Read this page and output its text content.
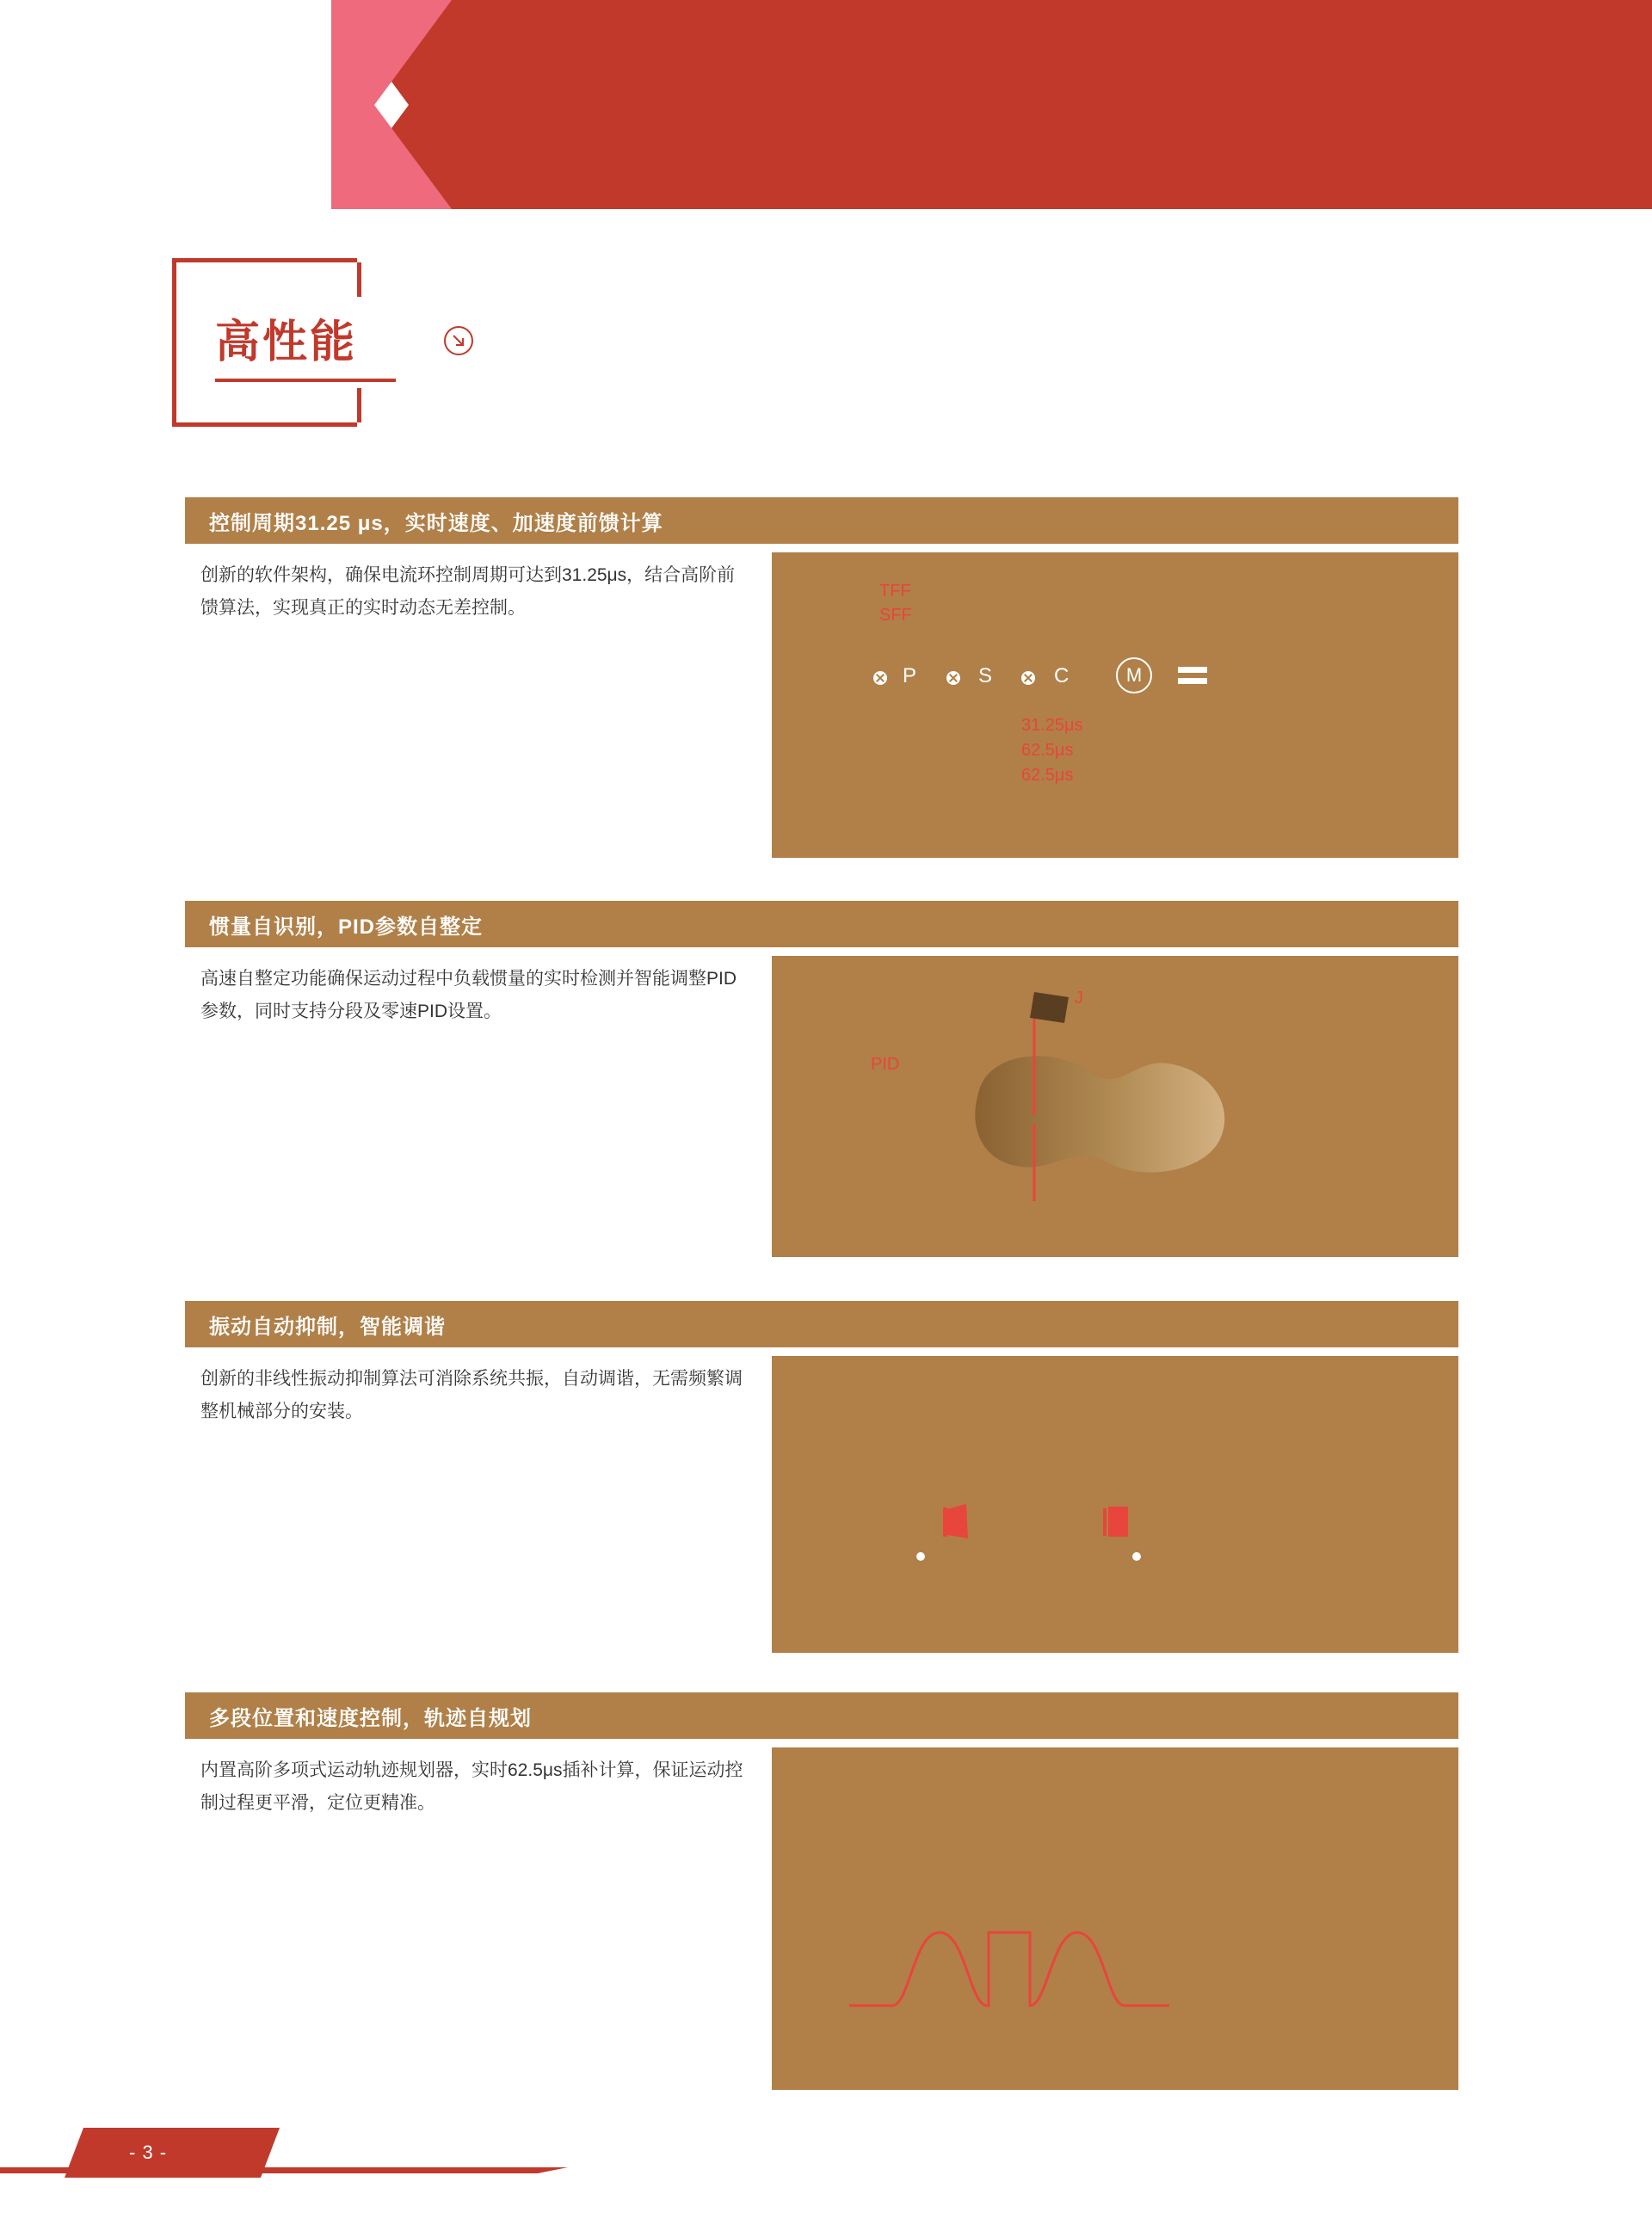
高性能
控制周期31.25 μs，实时速度、加速度前馈计算
创新的软件架构，确保电流环控制周期可达到31.25μs，结合高阶前馈算法，实现真正的实时动态无差控制。
TFF
SFF
P	S	C	M
31.25μs
62.5μs
62.5μs
惯量自识别，PID参数自整定
高速自整定功能确保运动过程中负载惯量的实时检测并智能调整PID参数，同时支持分段及零速PID设置。
PID
J
振动自动抑制，智能调谐
创新的非线性振动抑制算法可消除系统共振，自动调谐，无需频繁调整机械部分的安装。
多段位置和速度控制，轨迹自规划
内置高阶多项式运动轨迹规划器，实时62.5μs插补计算，保证运动控制过程更平滑，定位更精准。
- 3 -
